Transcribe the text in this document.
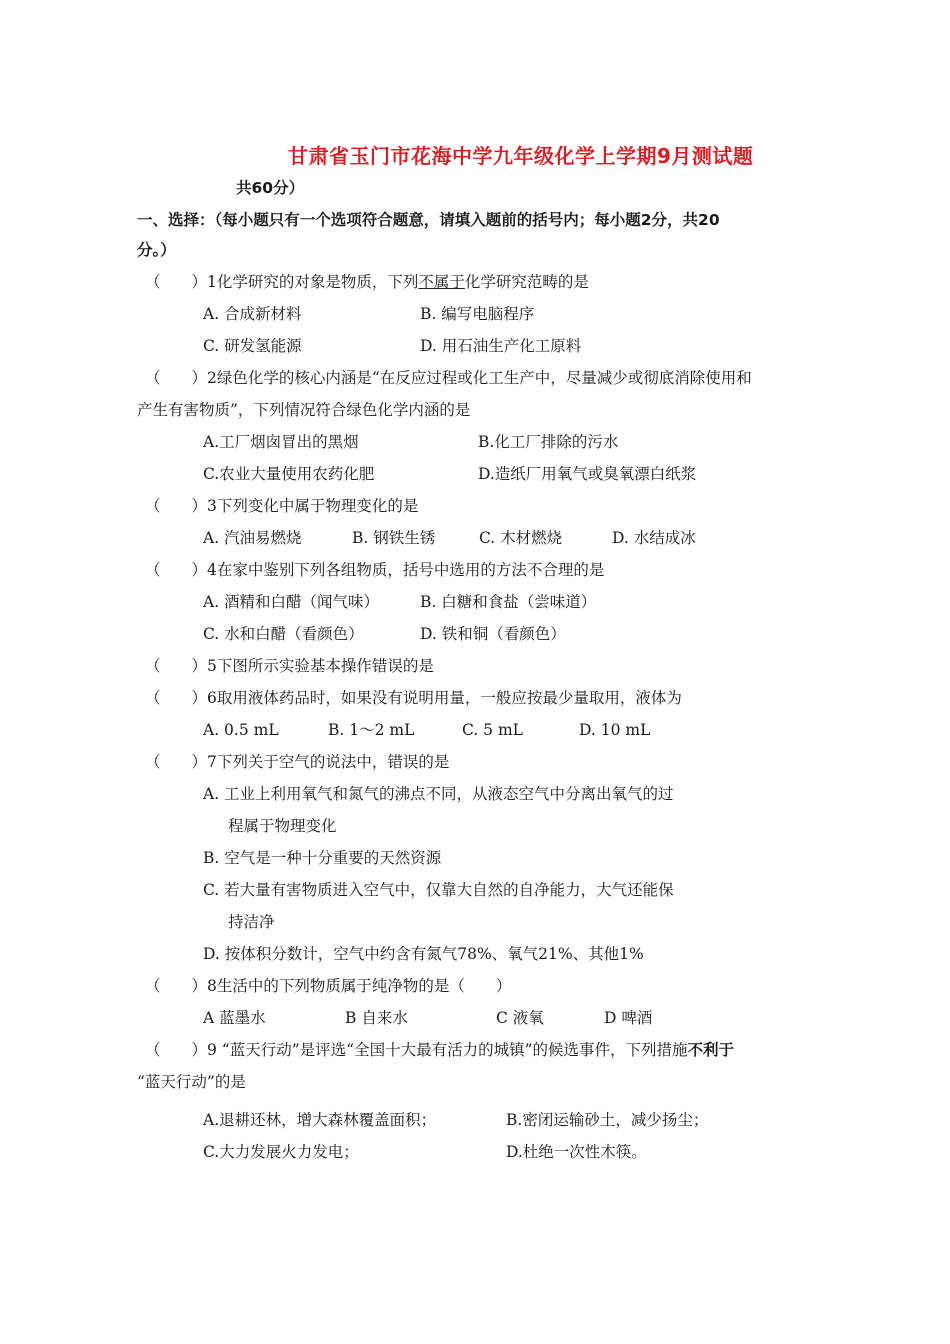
甘肃省玉门市花海中学九年级化学上学期9月测试题
共60分）
一、选择：（每小题只有一个选项符合题意，请填入题前的括号内；每小题2分，共20
分。）
（　　）1化学研究的对象是物质，下列不属于化学研究范畴的是
A. 合成新材料	B. 编写电脑程序
C. 研发氢能源	D. 用石油生产化工原料
（　　）2绿色化学的核心内涵是“在反应过程或化工生产中，尽量减少或彻底消除使用和
产生有害物质”，下列情况符合绿色化学内涵的是
A.工厂烟囱冒出的黑烟	B.化工厂排除的污水
C.农业大量使用农药化肥	D.造纸厂用氧气或臭氧漂白纸浆
（　　）3下列变化中属于物理变化的是
A. 汽油易燃烧	B. 钢铁生锈	C. 木材燃烧	D. 水结成冰
（　　）4在家中鉴别下列各组物质，括号中选用的方法不合理的是
A. 酒精和白醋（闻气味）	B. 白糖和食盐（尝味道）
C. 水和白醋（看颜色）	D. 铁和铜（看颜色）
（　　）5下图所示实验基本操作错误的是
（　　）6取用液体药品时，如果没有说明用量，一般应按最少量取用，液体为
A. 0.5 mL	B. 1～2 mL	C. 5 mL	D. 10 mL
（　　）7下列关于空气的说法中，错误的是
A. 工业上利用氧气和氮气的沸点不同，从液态空气中分离出氧气的过
程属于物理变化
B. 空气是一种十分重要的天然资源
C. 若大量有害物质进入空气中，仅靠大自然的自净能力，大气还能保
持洁净
D. 按体积分数计，空气中约含有氮气78%、氧气21%、其他1%
（　　）8生活中的下列物质属于纯净物的是（　　）
A 蓝墨水	B 自来水	C 液氧	D 啤酒
（　　）9 “蓝天行动”是评选“全国十大最有活力的城镇”的候选事件，下列措施不利于
“蓝天行动”的是
A.退耕还林，增大森林覆盖面积；	B.密闭运输砂土，减少扬尘；
C.大力发展火力发电；	D.杜绝一次性木筷。
